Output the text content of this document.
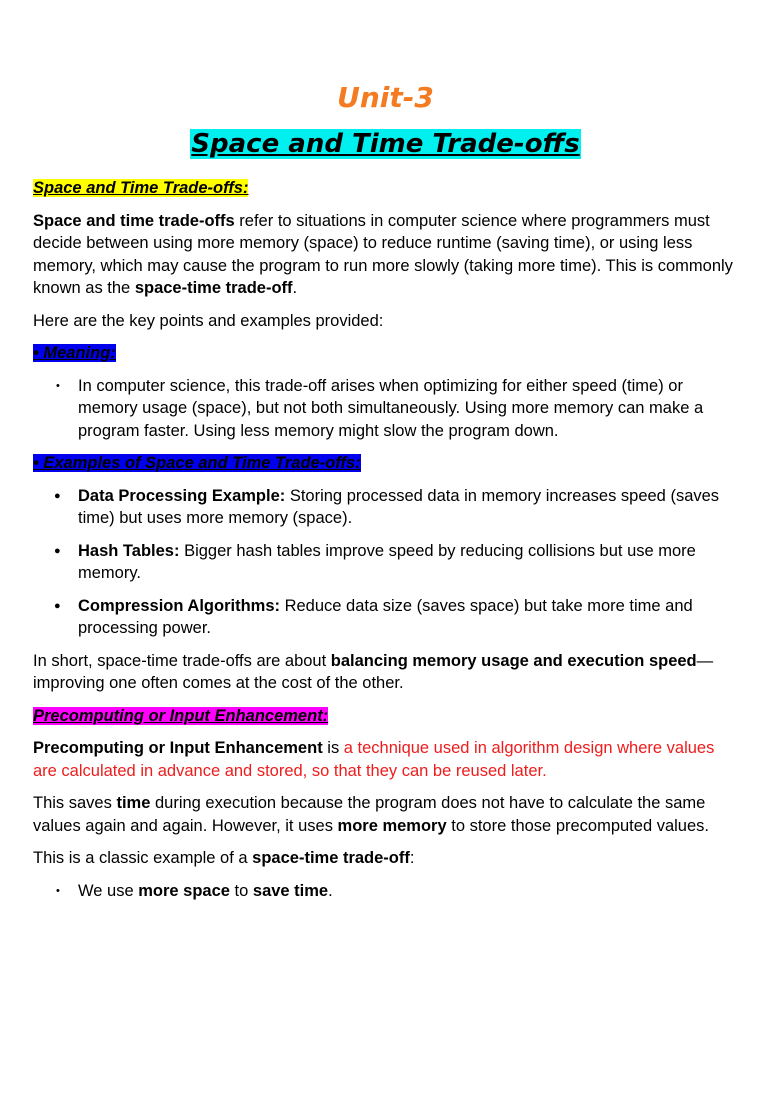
Unit-3
Space and Time Trade-offs
Space and Time Trade-offs:

Space and time trade-offs refer to situations in computer science where programmers must decide between using more memory (space) to reduce runtime (saving time), or using less memory, which may cause the program to run more slowly (taking more time). This is commonly known as the space-time trade-off.

Here are the key points and examples provided:

• Meaning:
• In computer science, this trade-off arises when optimizing for either speed (time) or memory usage (space), but not both simultaneously. Using more memory can make a program faster. Using less memory might slow the program down.
• Examples of Space and Time Trade-offs:
● Data Processing Example: Storing processed data in memory increases speed (saves time) but uses more memory (space).
● Hash Tables: Bigger hash tables improve speed by reducing collisions but use more memory.
● Compression Algorithms: Reduce data size (saves space) but take more time and processing power.

In short, space-time trade-offs are about balancing memory usage and execution speed—improving one often comes at the cost of the other.

Precomputing or Input Enhancement:

Precomputing or Input Enhancement is a technique used in algorithm design where values are calculated in advance and stored, so that they can be reused later.

This saves time during execution because the program does not have to calculate the same values again and again. However, it uses more memory to store those precomputed values.

This is a classic example of a space-time trade-off:

• We use more space to save time.
